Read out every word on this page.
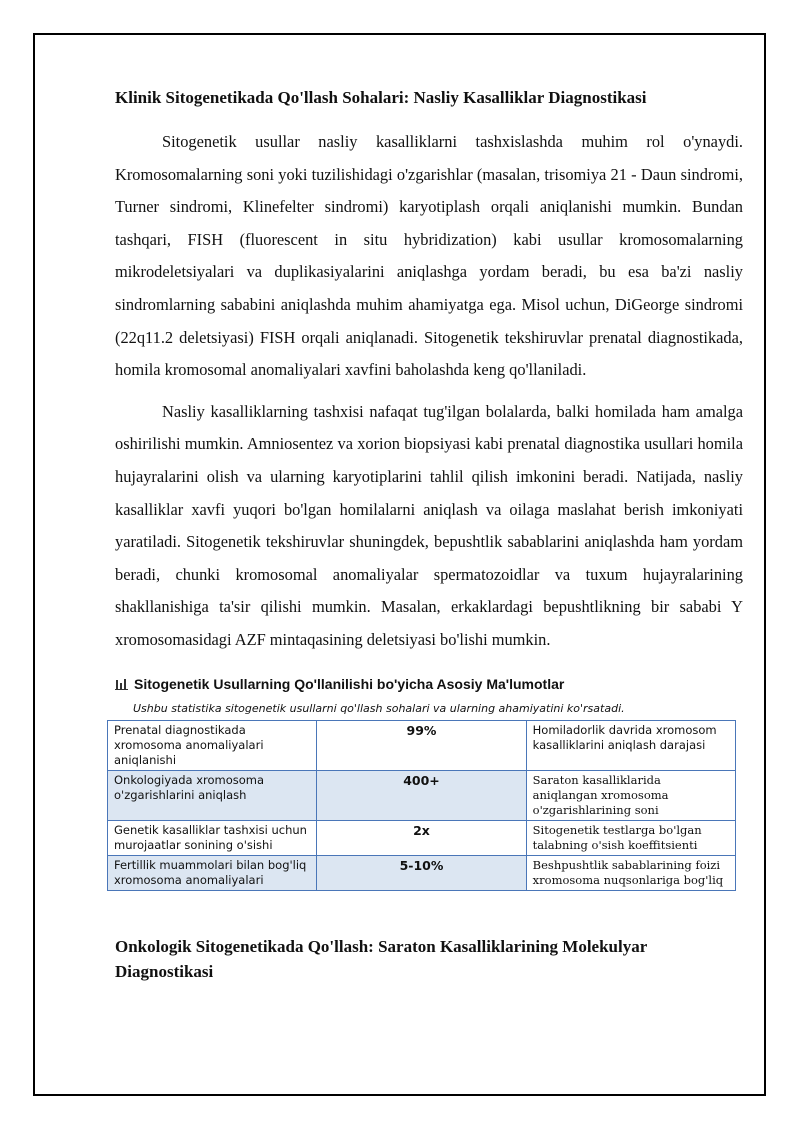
Klinik Sitogenetikada Qo'llash Sohalari: Nasliy Kasalliklar Diagnostikasi

Sitogenetik usullar nasliy kasalliklarni tashxislashda muhim rol o'ynaydi. Kromosomalarning soni yoki tuzilishidagi o'zgarishlar (masalan, trisomiya 21 - Daun sindromi, Turner sindromi, Klinefelter sindromi) karyotiplash orqali aniqlanishi mumkin. Bundan tashqari, FISH (fluorescent in situ hybridization) kabi usullar kromosomalarning mikrodeletsiyalari va duplikasiyalarini aniqlashga yordam beradi, bu esa ba'zi nasliy sindromlarning sababini aniqlashda muhim ahamiyatga ega. Misol uchun, DiGeorge sindromi (22q11.2 deletsiyasi) FISH orqali aniqlanadi. Sitogenetik tekshiruvlar prenatal diagnostikada, homila kromosomal anomaliyalari xavfini baholashda keng qo'llaniladi.

Nasliy kasalliklarning tashxisi nafaqat tug'ilgan bolalarda, balki homilada ham amalga oshirilishi mumkin. Amniosentez va xorion biopsiyasi kabi prenatal diagnostika usullari homila hujayralarini olish va ularning karyotiplarini tahlil qilish imkonini beradi. Natijada, nasliy kasalliklar xavfi yuqori bo'lgan homilalarni aniqlash va oilaga maslahat berish imkoniyati yaratiladi. Sitogenetik tekshiruvlar shuningdek, bepushtlik sabablarini aniqlashda ham yordam beradi, chunki kromosomal anomaliyalar spermatozoidlar va tuxum hujayralarining shakllanishiga ta'sir qilishi mumkin. Masalan, erkaklardagi bepushtlikning bir sababi Y xromosomasidagi AZF mintaqasining deletsiyasi bo'lishi mumkin.

Sitogenetik Usullarning Qo'llanilishi bo'yicha Asosiy Ma'lumotlar
Ushbu statistika sitogenetik usullarni qo'llash sohalari va ularning ahamiyatini ko'rsatadi.
Prenatal diagnostikada xromosoma anomaliyalari aniqlanishi	99%	Homiladorlik davrida xromosom kasalliklarini aniqlash darajasi
Onkologiyada xromosoma o'zgarishlarini aniqlash	400+	Saraton kasalliklarida aniqlangan xromosoma o'zgarishlarining soni
Genetik kasalliklar tashxisi uchun murojaatlar sonining o'sishi	2x	Sitogenetik testlarga bo'lgan talabning o'sish koeffitsienti
Fertillik muammolari bilan bog'liq xromosoma anomaliyalari	5-10%	Beshpushtlik sabablarining foizi xromosoma nuqsonlariga bog'liq
Onkologik Sitogenetikada Qo'llash: Saraton Kasalliklarining Molekulyar Diagnostikasi
